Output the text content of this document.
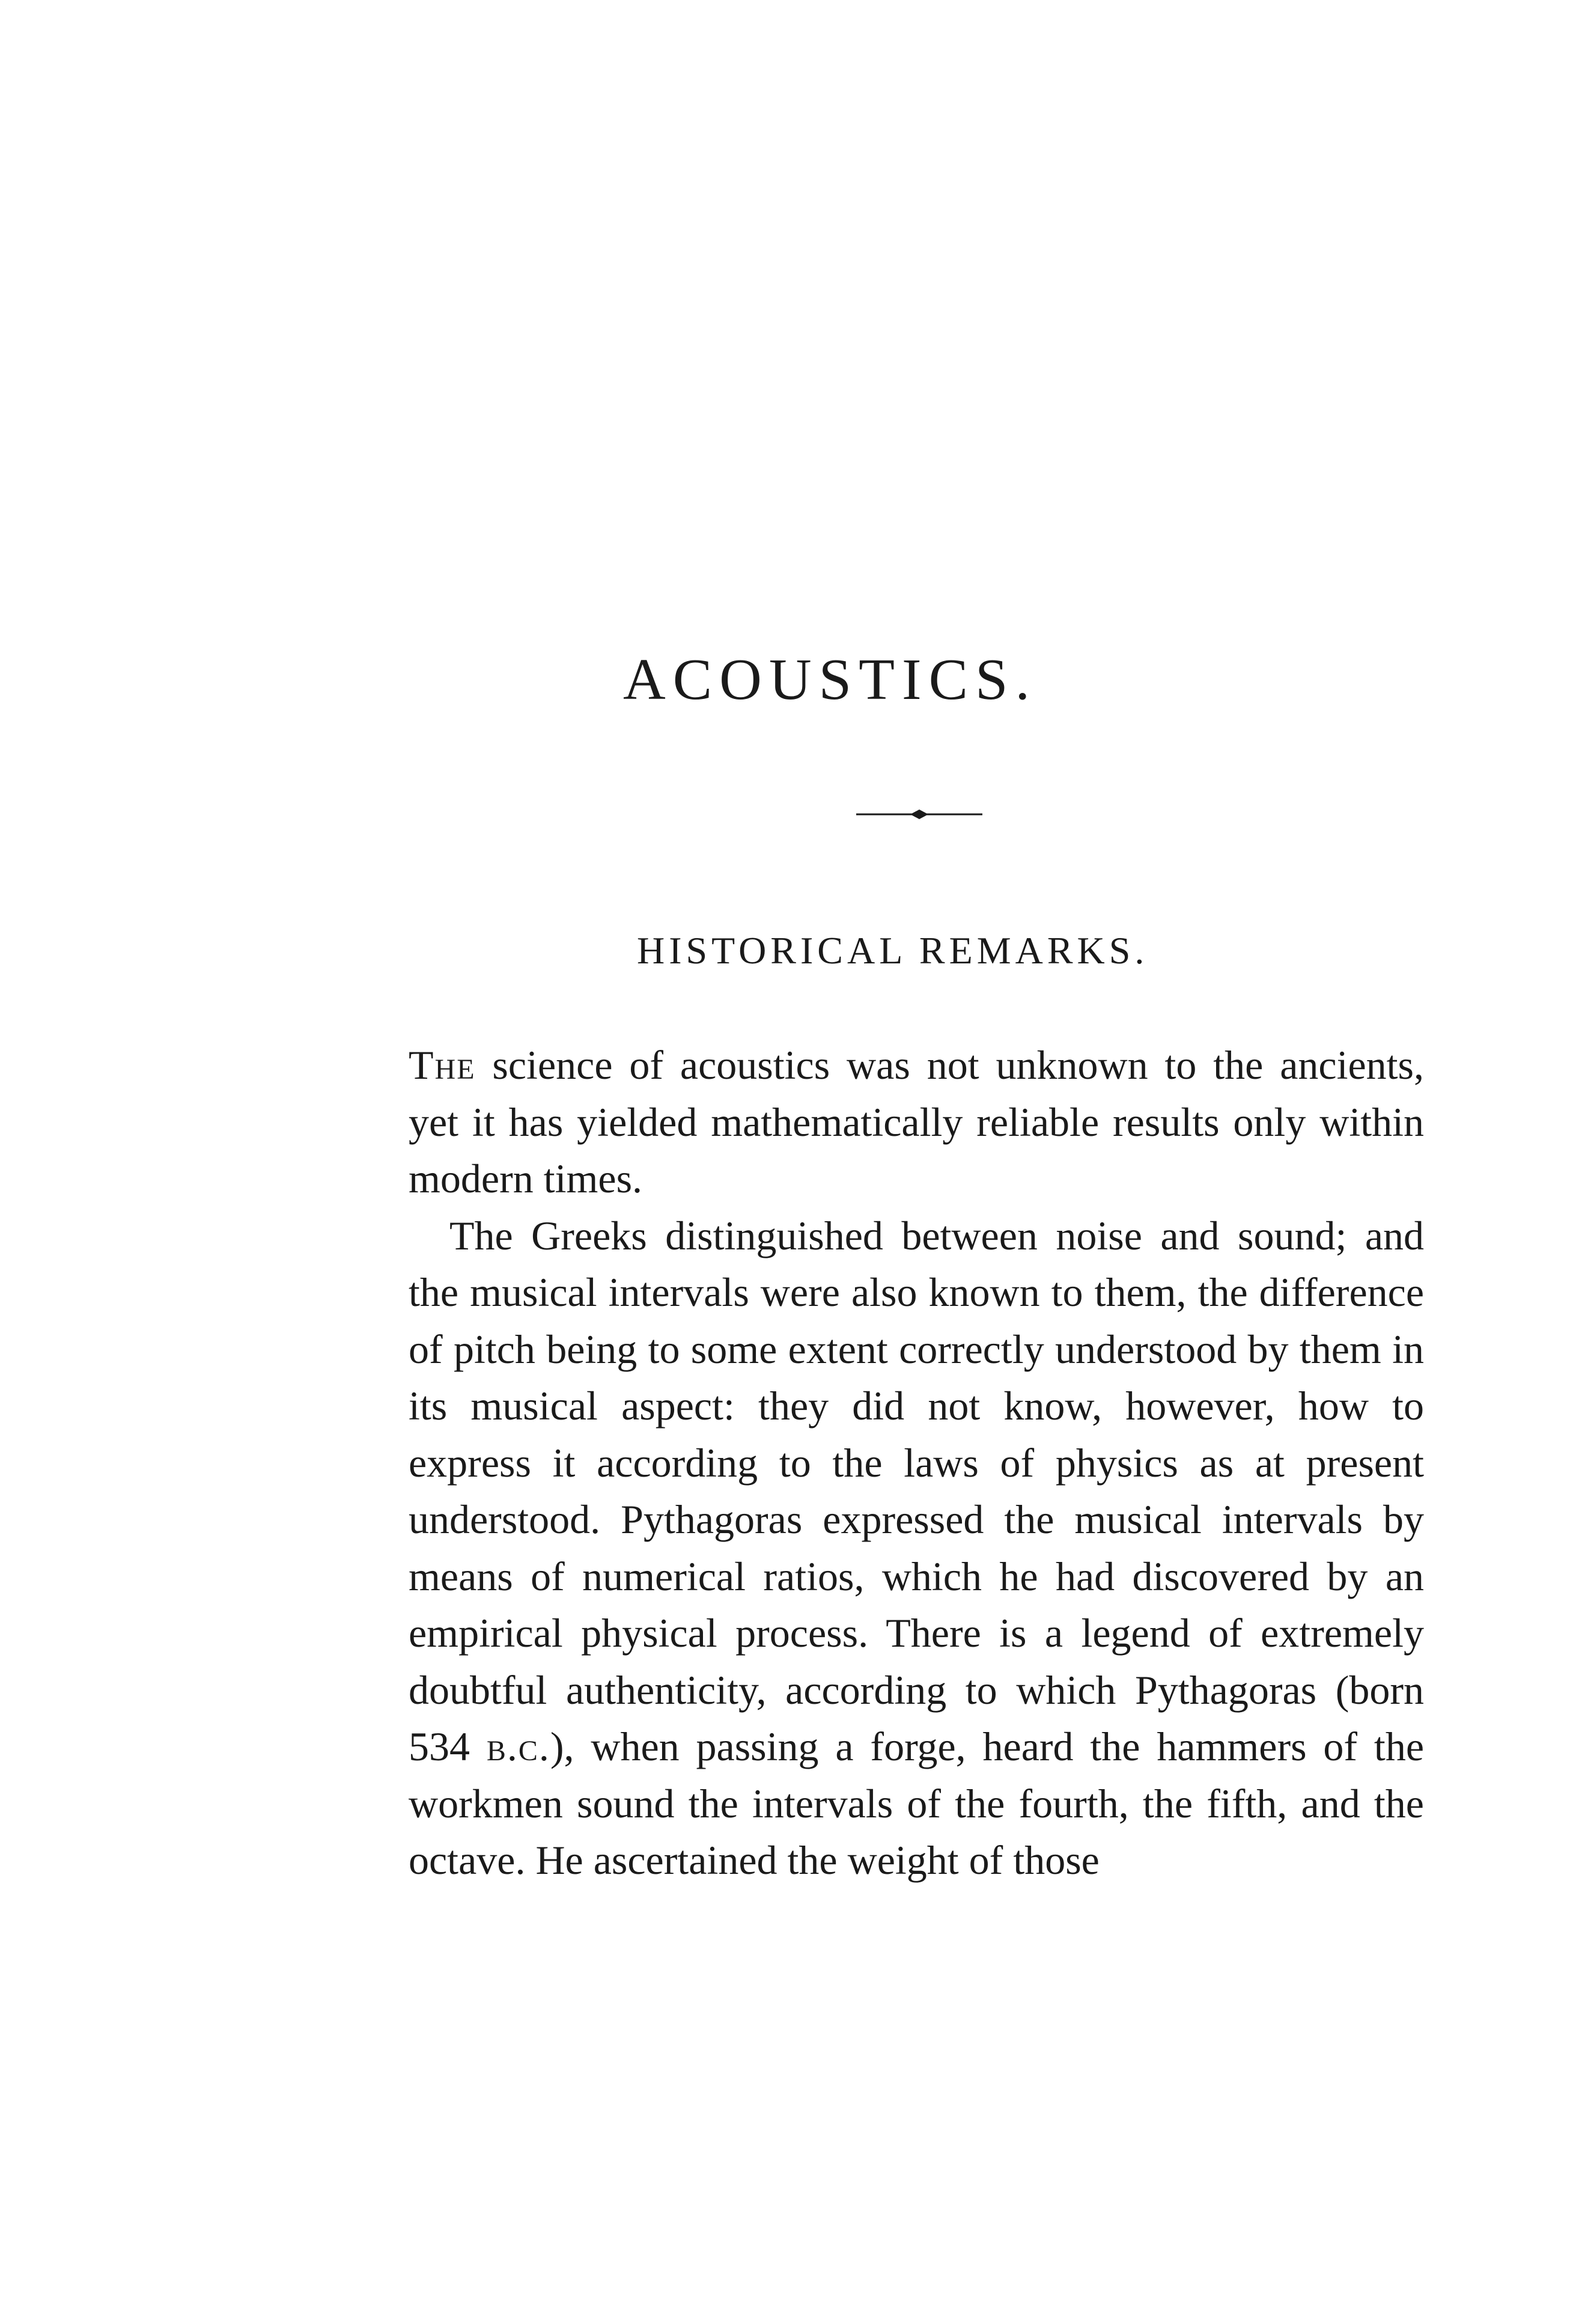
ACOUSTICS.
HISTORICAL REMARKS.

The science of acoustics was not unknown to the ancients, yet it has yielded mathematically reliable results only within modern times.

The Greeks distinguished between noise and sound; and the musical intervals were also known to them, the difference of pitch being to some extent correctly understood by them in its musical aspect: they did not know, however, how to express it according to the laws of physics as at present understood. Pythagoras expressed the musical intervals by means of numerical ratios, which he had discovered by an empirical physical process. There is a legend of extremely doubtful authenticity, according to which Pythagoras (born 534 b.c.), when passing a forge, heard the hammers of the workmen sound the intervals of the fourth, the fifth, and the octave. He ascertained the weight of those
